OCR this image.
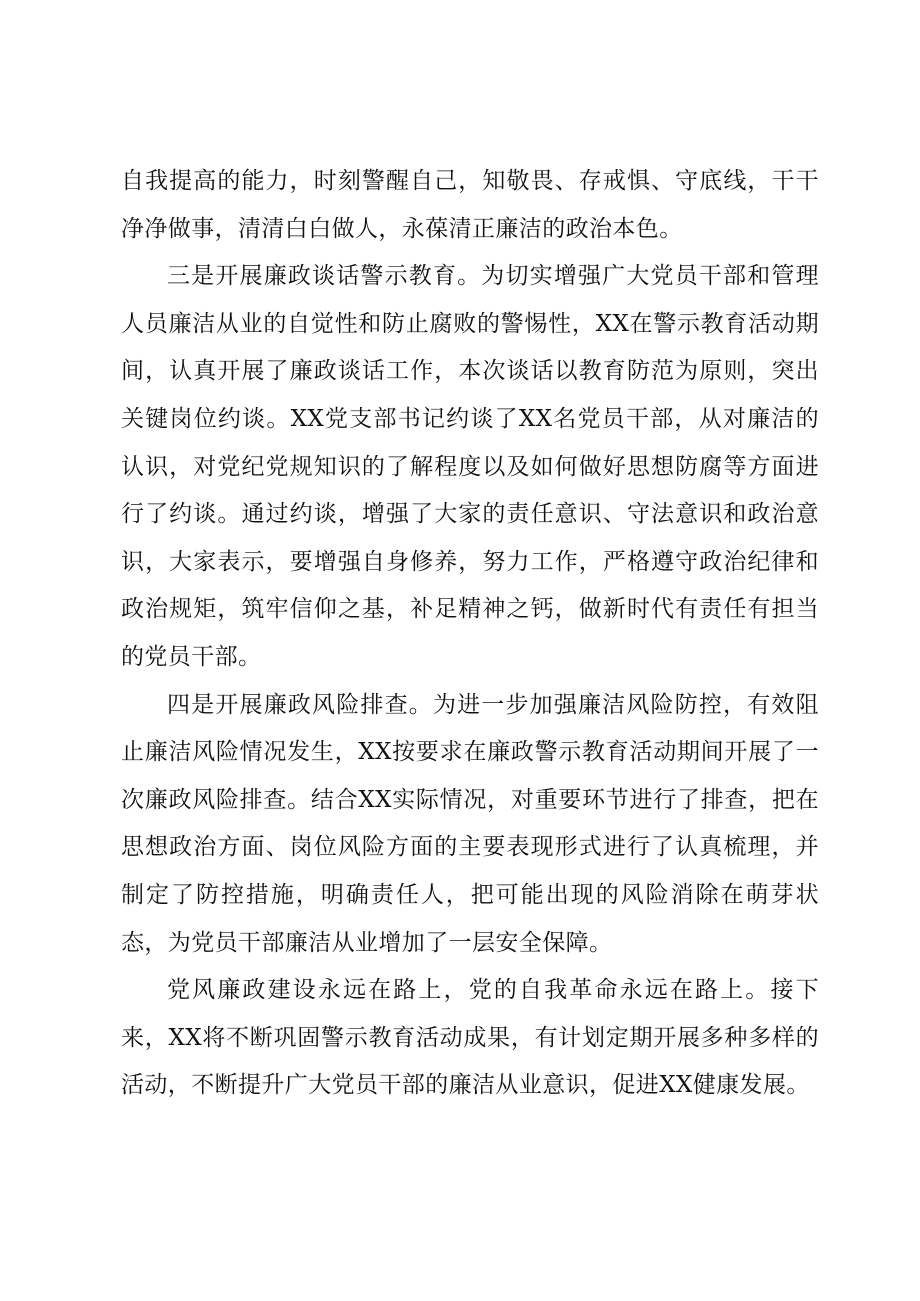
自我提高的能力，时刻警醒自己，知敬畏、存戒惧、守底线，干干净净做事，清清白白做人，永葆清正廉洁的政治本色。

三是开展廉政谈话警示教育。为切实增强广大党员干部和管理人员廉洁从业的自觉性和防止腐败的警惕性，XX在警示教育活动期间，认真开展了廉政谈话工作，本次谈话以教育防范为原则，突出关键岗位约谈。XX党支部书记约谈了XX名党员干部，从对廉洁的认识，对党纪党规知识的了解程度以及如何做好思想防腐等方面进行了约谈。通过约谈，增强了大家的责任意识、守法意识和政治意识，大家表示，要增强自身修养，努力工作，严格遵守政治纪律和政治规矩，筑牢信仰之基，补足精神之钙，做新时代有责任有担当的党员干部。

四是开展廉政风险排查。为进一步加强廉洁风险防控，有效阻止廉洁风险情况发生，XX按要求在廉政警示教育活动期间开展了一次廉政风险排查。结合XX实际情况，对重要环节进行了排查，把在思想政治方面、岗位风险方面的主要表现形式进行了认真梳理，并制定了防控措施，明确责任人，把可能出现的风险消除在萌芽状态，为党员干部廉洁从业增加了一层安全保障。

党风廉政建设永远在路上，党的自我革命永远在路上。接下来，XX将不断巩固警示教育活动成果，有计划定期开展多种多样的活动，不断提升广大党员干部的廉洁从业意识，促进XX健康发展。
